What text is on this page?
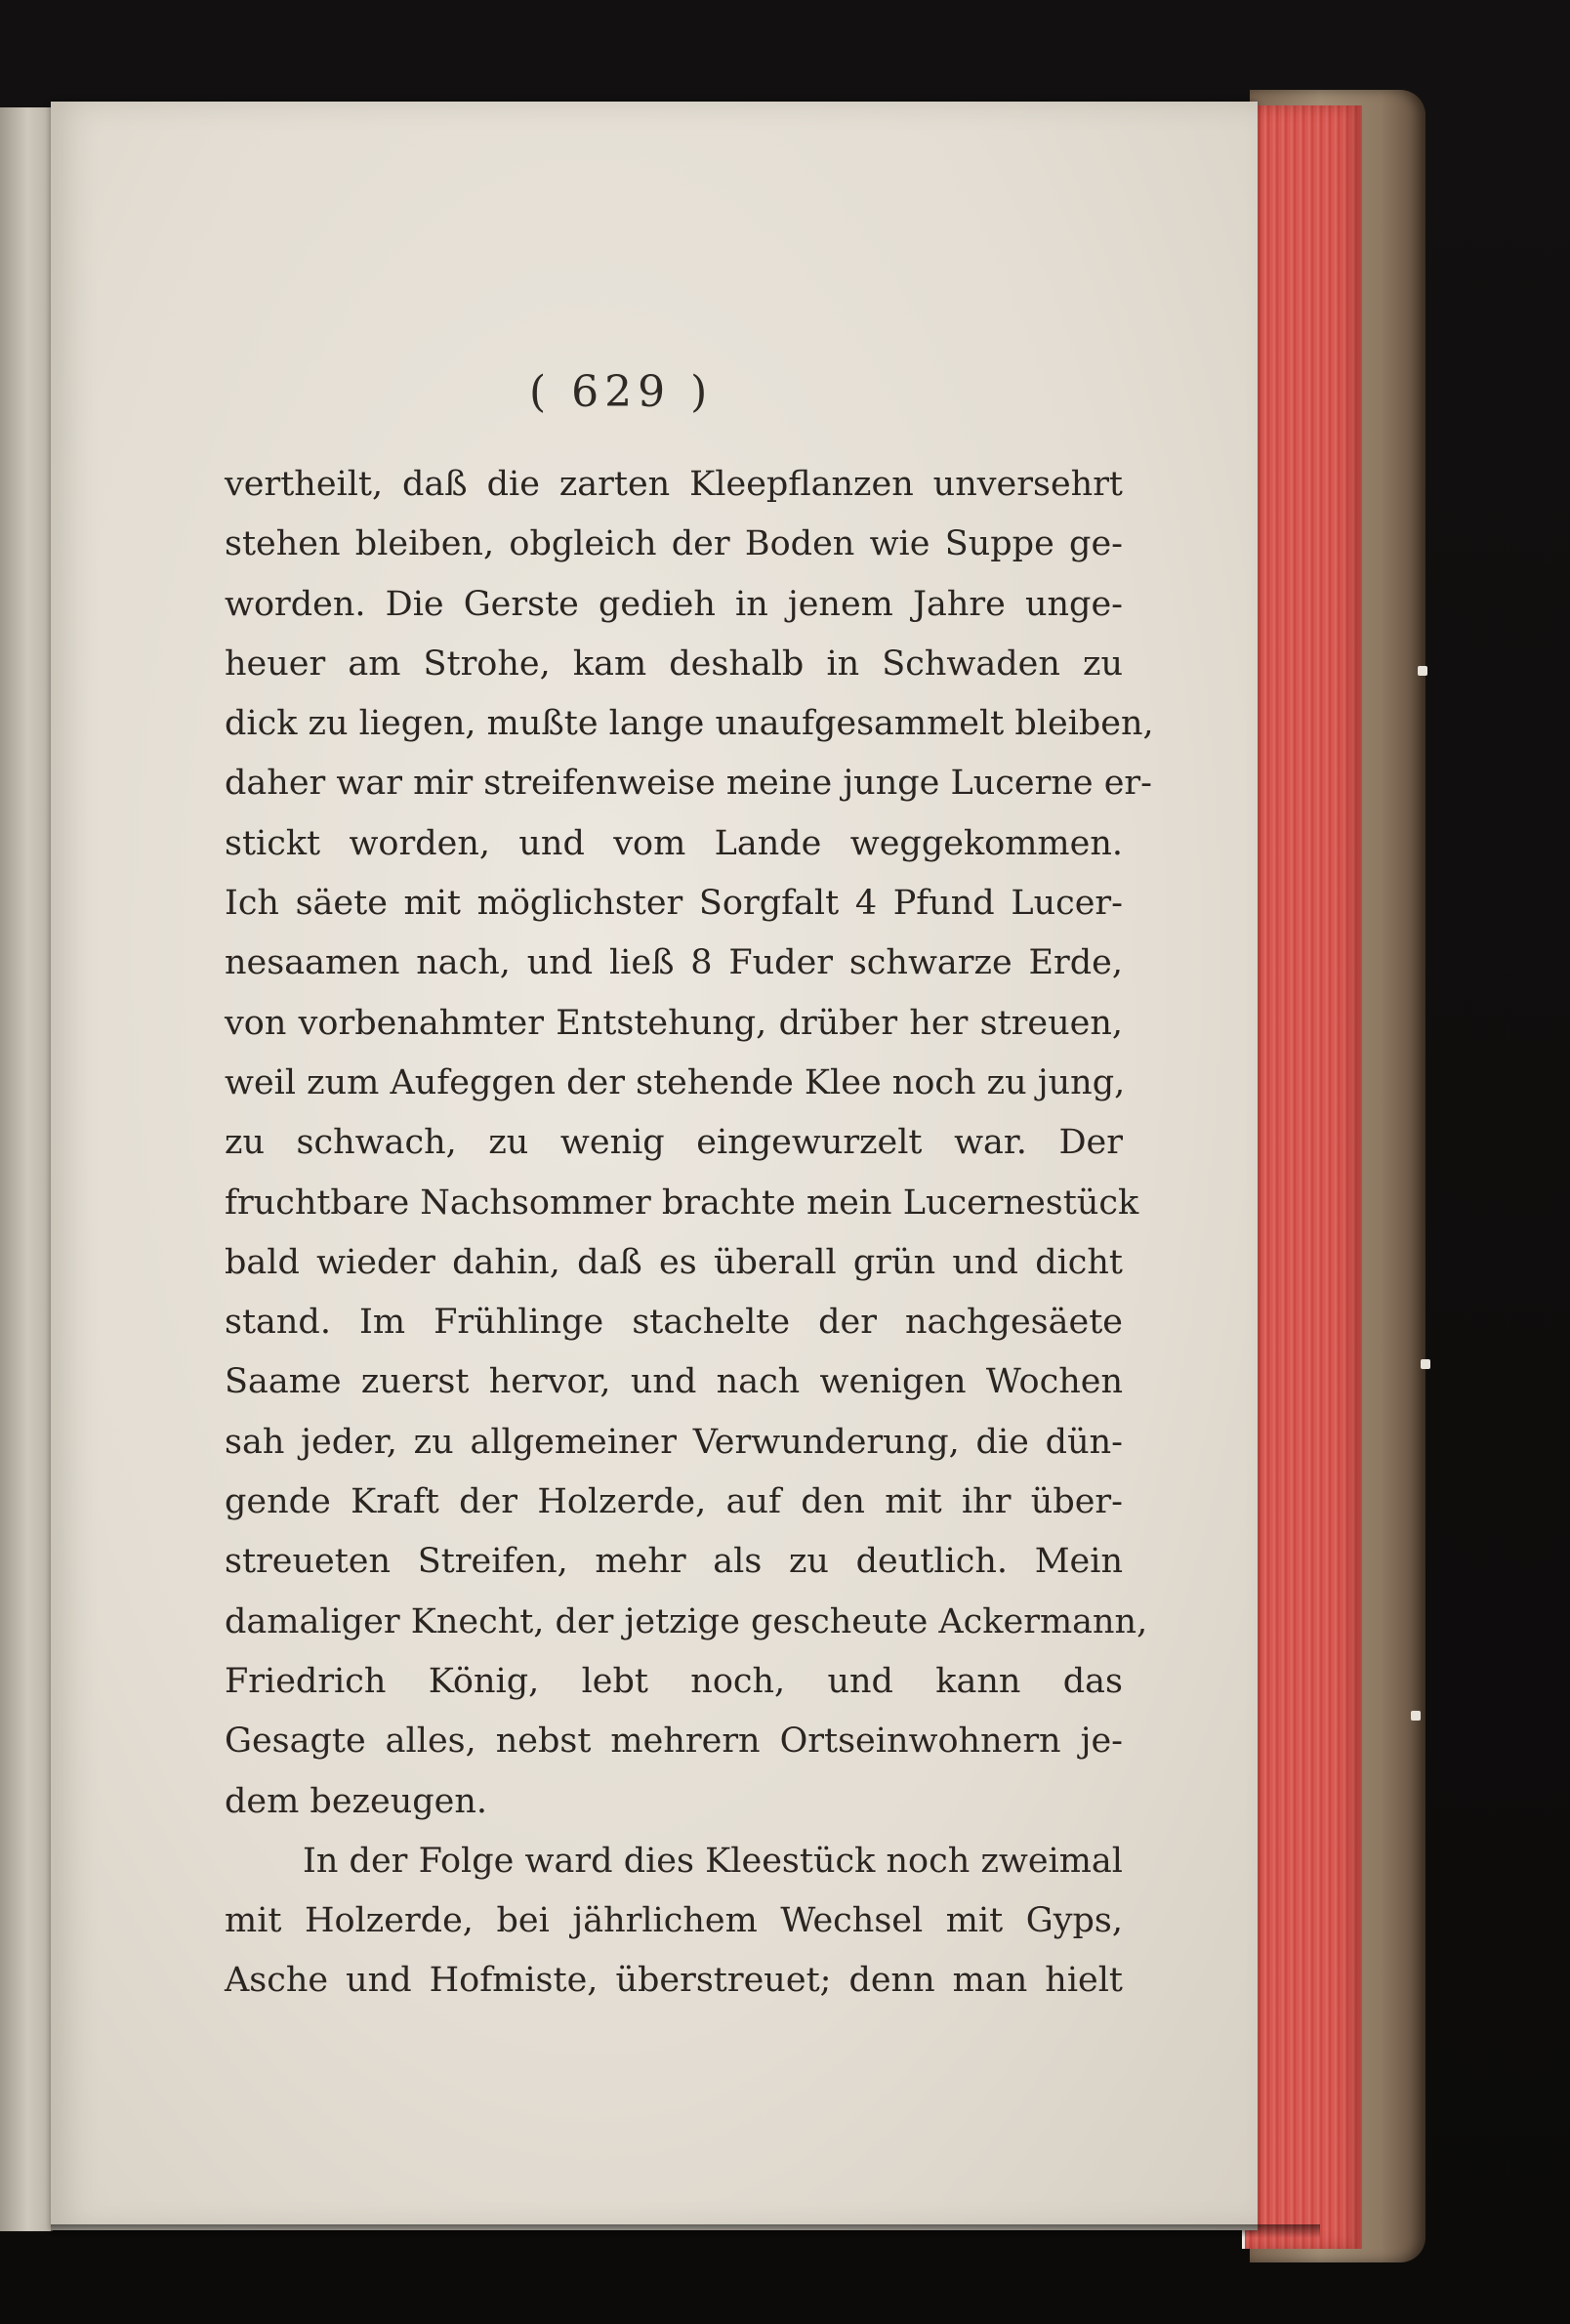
( 629 )
vertheilt, daß die zarten Kleepflanzen unversehrt
stehen bleiben, obgleich der Boden wie Suppe ge-
worden. Die Gerste gedieh in jenem Jahre unge-
heuer am Strohe, kam deshalb in Schwaden zu
dick zu liegen, mußte lange unaufgesammelt bleiben,
daher war mir streifenweise meine junge Lucerne er-
stickt worden, und vom Lande weggekommen.
Ich säete mit möglichster Sorgfalt 4 Pfund Lucer-
nesaamen nach, und ließ 8 Fuder schwarze Erde,
von vorbenahmter Entstehung, drüber her streuen,
weil zum Aufeggen der stehende Klee noch zu jung,
zu schwach, zu wenig eingewurzelt war. Der
fruchtbare Nachsommer brachte mein Lucernestück
bald wieder dahin, daß es überall grün und dicht
stand. Im Frühlinge stachelte der nachgesäete
Saame zuerst hervor, und nach wenigen Wochen
sah jeder, zu allgemeiner Verwunderung, die dün-
gende Kraft der Holzerde, auf den mit ihr über-
streueten Streifen, mehr als zu deutlich. Mein
damaliger Knecht, der jetzige gescheute Ackermann,
Friedrich König, lebt noch, und kann das
Gesagte alles, nebst mehrern Ortseinwohnern je-
dem bezeugen.
In der Folge ward dies Kleestück noch zweimal
mit Holzerde, bei jährlichem Wechsel mit Gyps,
Asche und Hofmiste, überstreuet; denn man hielt
